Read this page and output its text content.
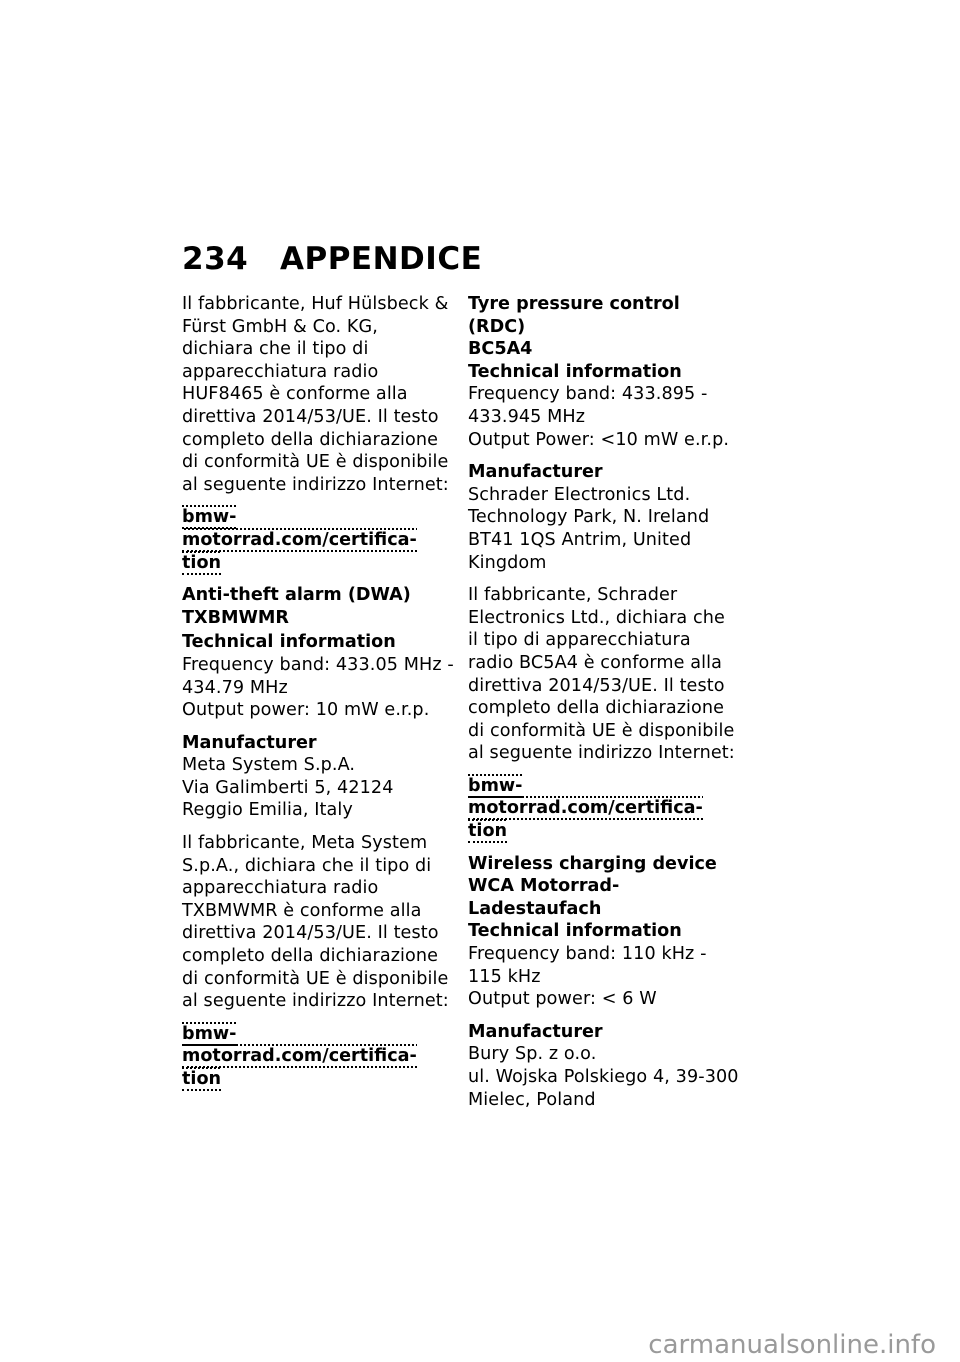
234 APPENDICE

Il fabbricante, Huf Hülsbeck & Fürst GmbH & Co. KG, dichiara che il tipo di apparecchiatura radio HUF8465 è conforme alla direttiva 2014/53/UE. Il testo completo della dichiarazione di conformità UE è disponibile al seguente indirizzo Internet:

bmw-motorrad.com/certifica-
tion

Anti-theft alarm (DWA)
TXBMWMR

Technical information

Frequency band: 433.05 MHz -
434.79 MHz
Output power: 10 mW e.r.p.

Manufacturer

Meta System S.p.A.
Via Galimberti 5, 42124 Reggio Emilia, Italy

Il fabbricante, Meta System S.p.A., dichiara che il tipo di apparecchiatura radio TXBMWMR è conforme alla direttiva 2014/53/UE. Il testo completo della dichiarazione di conformità UE è disponibile al seguente indirizzo Internet:

bmw-motorrad.com/certifica-
tion

Tyre pressure control (RDC)
BC5A4

Technical information

Frequency band: 433.895 -
433.945 MHz
Output Power: <10 mW e.r.p.

Manufacturer

Schrader Electronics Ltd.
Technology Park, N. Ireland
BT41 1QS Antrim, United Kingdom

Il fabbricante, Schrader Electronics Ltd., dichiara che il tipo di apparecchiatura radio BC5A4 è conforme alla direttiva 2014/53/UE. Il testo completo della dichiarazione di conformità UE è disponibile al seguente indirizzo Internet:

bmw-motorrad.com/certifica-
tion

Wireless charging device
WCA Motorrad-Ladestaufach

Technical information

Frequency band: 110 kHz -
115 kHz
Output power: < 6 W

Manufacturer

Bury Sp. z o.o.
ul. Wojska Polskiego 4, 39-300 Mielec, Poland

carmanualsonline.info
